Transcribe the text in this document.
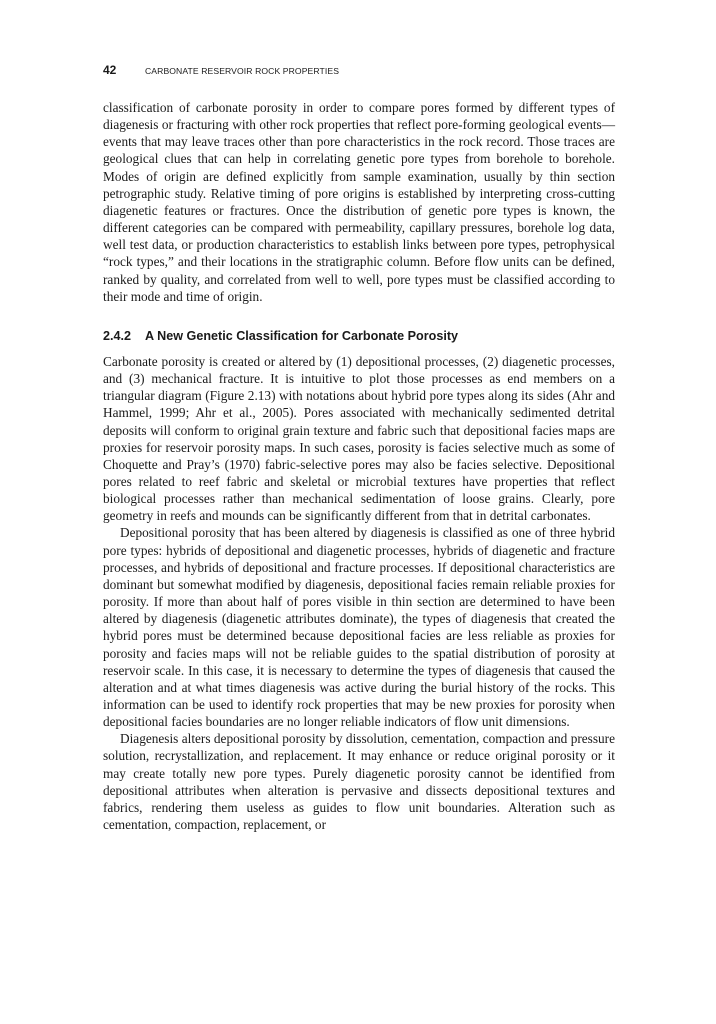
42	CARBONATE RESERVOIR ROCK PROPERTIES

classification of carbonate porosity in order to compare pores formed by different types of diagenesis or fracturing with other rock properties that reflect pore-forming geological events—events that may leave traces other than pore characteristics in the rock record. Those traces are geological clues that can help in correlating genetic pore types from borehole to borehole. Modes of origin are defined explicitly from sample examination, usually by thin section petrographic study. Relative timing of pore origins is established by interpreting cross-cutting diagenetic features or fractures. Once the distribution of genetic pore types is known, the different categories can be compared with permeability, capillary pressures, borehole log data, well test data, or production characteristics to establish links between pore types, petrophysical “rock types,” and their locations in the stratigraphic column. Before flow units can be defined, ranked by quality, and correlated from well to well, pore types must be classified according to their mode and time of origin.

2.4.2 A New Genetic Classification for Carbonate Porosity

Carbonate porosity is created or altered by (1) depositional processes, (2) diagenetic processes, and (3) mechanical fracture. It is intuitive to plot those processes as end members on a triangular diagram (Figure 2.13) with notations about hybrid pore types along its sides (Ahr and Hammel, 1999; Ahr et al., 2005). Pores associated with mechanically sedimented detrital deposits will conform to original grain texture and fabric such that depositional facies maps are proxies for reservoir porosity maps. In such cases, porosity is facies selective much as some of Choquette and Pray’s (1970) fabric-selective pores may also be facies selective. Depositional pores related to reef fabric and skeletal or microbial textures have properties that reflect biological processes rather than mechanical sedimentation of loose grains. Clearly, pore geometry in reefs and mounds can be significantly different from that in detrital carbonates.

Depositional porosity that has been altered by diagenesis is classified as one of three hybrid pore types: hybrids of depositional and diagenetic processes, hybrids of diagenetic and fracture processes, and hybrids of depositional and fracture processes. If depositional characteristics are dominant but somewhat modified by diagenesis, depositional facies remain reliable proxies for porosity. If more than about half of pores visible in thin section are determined to have been altered by diagenesis (diagenetic attributes dominate), the types of diagenesis that created the hybrid pores must be determined because depositional facies are less reliable as proxies for porosity and facies maps will not be reliable guides to the spatial distribution of porosity at reservoir scale. In this case, it is necessary to determine the types of diagenesis that caused the alteration and at what times diagenesis was active during the burial history of the rocks. This information can be used to identify rock properties that may be new proxies for porosity when depositional facies boundaries are no longer reliable indicators of flow unit dimensions.

Diagenesis alters depositional porosity by dissolution, cementation, compaction and pressure solution, recrystallization, and replacement. It may enhance or reduce original porosity or it may create totally new pore types. Purely diagenetic porosity cannot be identified from depositional attributes when alteration is pervasive and dissects depositional textures and fabrics, rendering them useless as guides to flow unit boundaries. Alteration such as cementation, compaction, replacement, or
